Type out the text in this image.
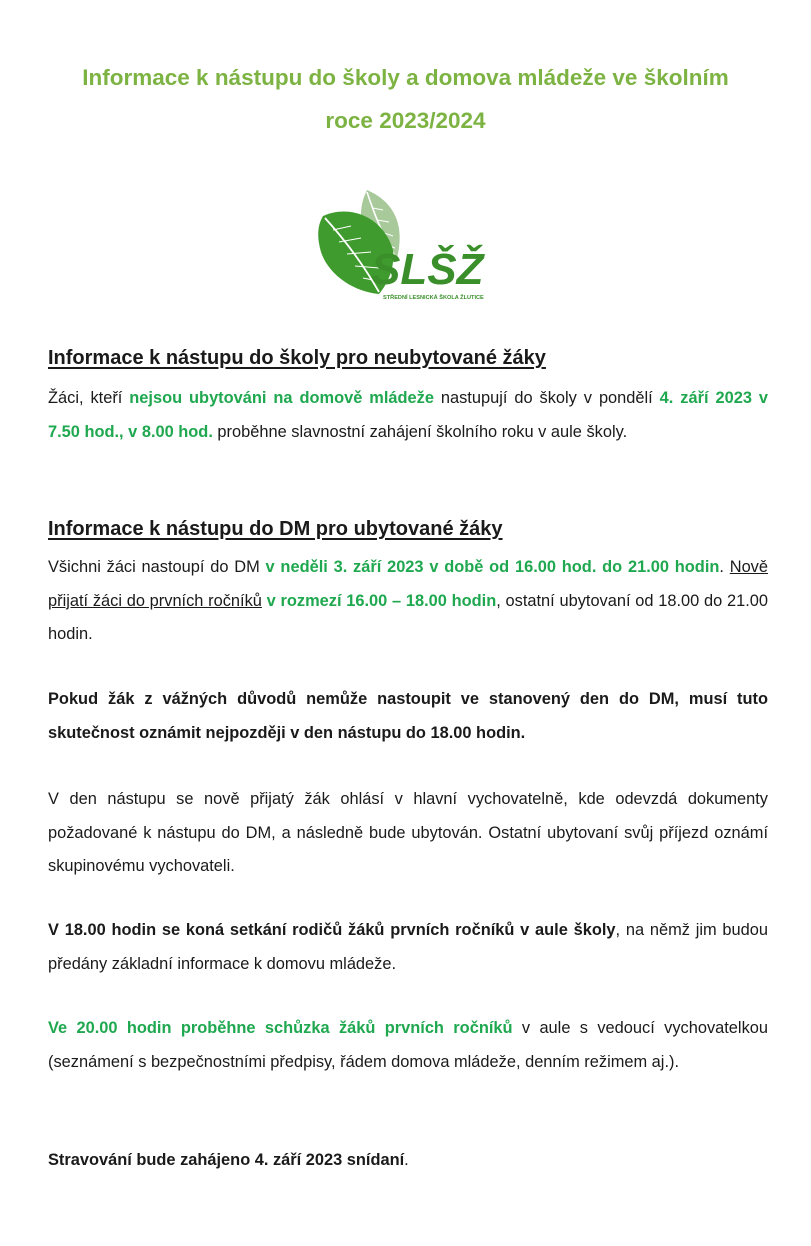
Informace k nástupu do školy a domova mládeže ve školním roce 2023/2024
SLŠŽ
STŘEDNÍ LESNICKÁ ŠKOLA ŽLUTICE
Informace k nástupu do školy pro neubytované žáky
Žáci, kteří nejsou ubytováni na domově mládeže nastupují do školy v pondělí 4. září 2023 v 7.50 hod., v 8.00 hod. proběhne slavnostní zahájení školního roku v aule školy.
Informace k nástupu do DM pro ubytované žáky
Všichni žáci nastoupí do DM v neděli 3. září 2023 v době od 16.00 hod. do 21.00 hodin. Nově přijatí žáci do prvních ročníků v rozmezí 16.00 – 18.00 hodin, ostatní ubytovaní od 18.00 do 21.00 hodin.
Pokud žák z vážných důvodů nemůže nastoupit ve stanovený den do DM, musí tuto skutečnost oznámit nejpozději v den nástupu do 18.00 hodin.
V den nástupu se nově přijatý žák ohlásí v hlavní vychovatelně, kde odevzdá dokumenty požadované k nástupu do DM, a následně bude ubytován. Ostatní ubytovaní svůj příjezd oznámí skupinovému vychovateli.
V 18.00 hodin se koná setkání rodičů žáků prvních ročníků v aule školy, na němž jim budou předány základní informace k domovu mládeže.
Ve 20.00 hodin proběhne schůzka žáků prvních ročníků v aule s vedoucí vychovatelkou (seznámení s bezpečnostními předpisy, řádem domova mládeže, denním režimem aj.).
Stravování bude zahájeno 4. září 2023 snídaní.
